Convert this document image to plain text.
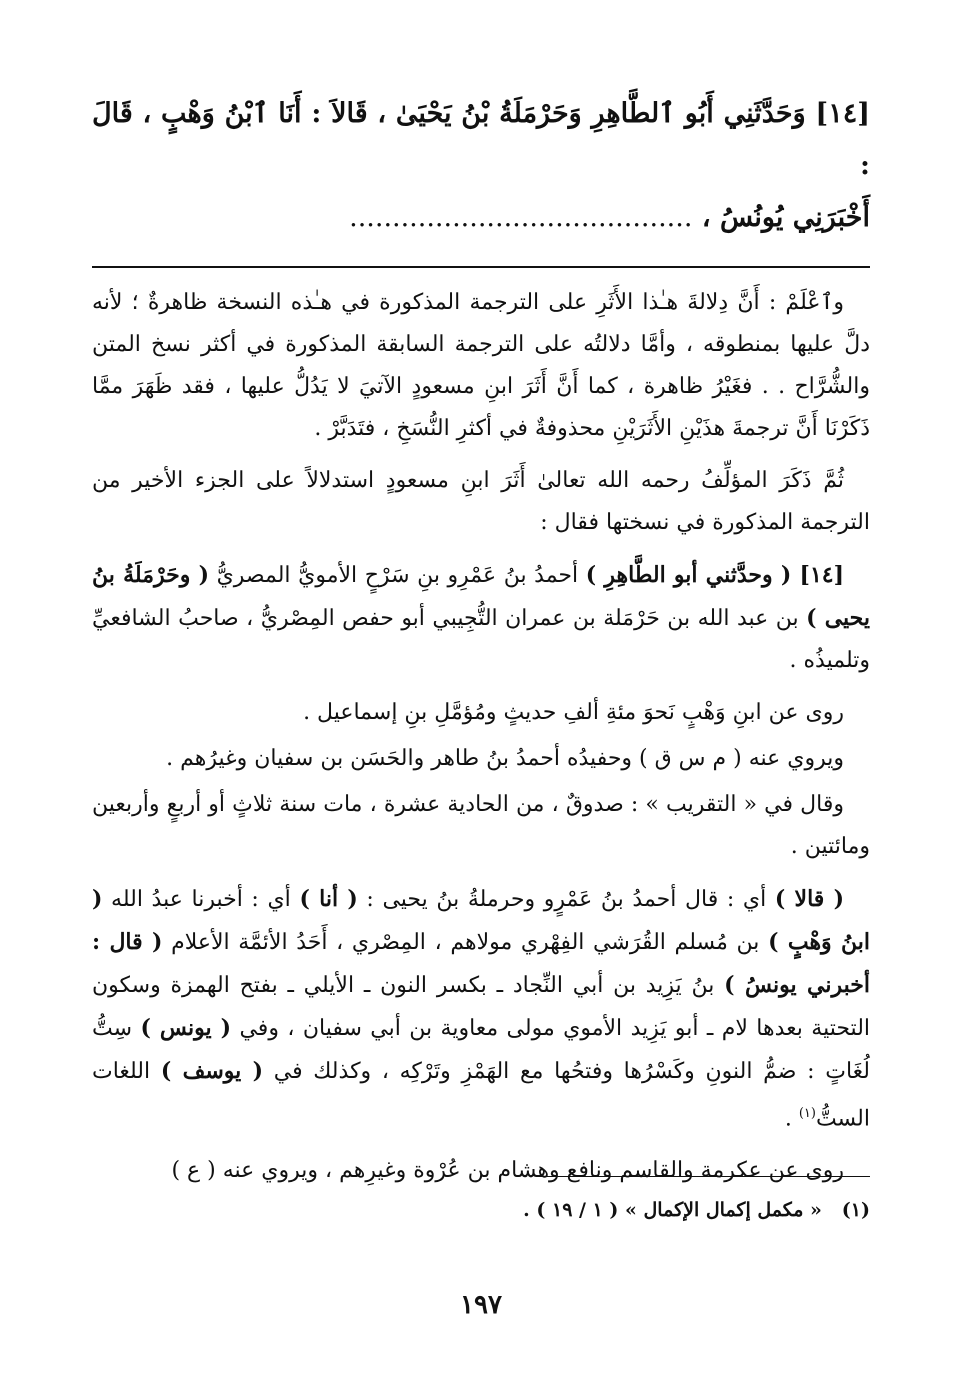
[١٤] وَحَدَّثَنِي أَبُو ٱلطَّاهِرِ وَحَرْمَلَةُ بْنُ يَحْيَىٰ ، قَالاَ : أَنَا ٱبْنُ وَهْبٍ ، قَالَ :
أَخْبَرَنِي يُونُسُ ، ........................................

وٱعْلَمْ : أَنَّ دِلالةَ هـٰذا الأَثَرِ على الترجمة المذكورة في هـٰذه النسخة ظاهرةٌ ؛ لأنه دلَّ عليها بمنطوقه ، وأمَّا دلالتُه على الترجمة السابقة المذكورة في أكثر نسخ المتن والشُّرَّاح . . فغَيْرُ ظاهرة ، كما أَنَّ أَثَرَ ابنِ مسعودٍ الآتيَ لا يَدُلُّ عليها ، فقد ظَهَرَ ممَّا ذَكَرْنَا أَنَّ ترجمةَ هذَيْنِ الأَثَرَيْنِ محذوفةٌ في أكثرِ النُّسَخِ ، فتَدَبَّرْ .

ثُمَّ ذَكَرَ المؤلِّفُ رحمه الله تعالىٰ أَثَرَ ابنِ مسعودٍ استدلالاً على الجزء الأخير من الترجمة المذكورة في نسختها فقال :

[١٤] ( وحدَّثني أبو الطَّاهِرِ ) أحمدُ بنُ عَمْرِو بنِ سَرْحٍ الأمويُّ المصريُّ ( وحَرْمَلَةُ بنُ يحيى ) بن عبد الله بن حَرْمَلة بن عمران التُّجِيبي أبو حفص المِصْريُّ ، صاحبُ الشافعيِّ وتلميذُه .

روى عن ابنِ وَهْبٍ نَحوَ مئةِ ألفِ حديثٍ ومُؤمَّلِ بنِ إسماعيل .

ويروي عنه ( م س ق ) وحفيدُه أحمدُ بنُ طاهر والحَسَن بن سفيان وغيرُهم .

وقال في « التقريب » : صدوقٌ ، من الحادية عشرة ، مات سنة ثلاثٍ أو أربعٍ وأربعين ومائتين .

( قالا ) أي : قال أحمدُ بنُ عَمْرٍو وحرملةُ بنُ يحيى : ( أنا ) أي : أخبرنا عبدُ الله ( ابنُ وَهْبٍ ) بن مُسلم القُرَشي الفِهْري مولاهم ، المِصْري ، أَحَدُ الأئمَّة الأعلام ( قال : أخبرني يونسُ ) بنُ يَزِيد بن أبي النِّجاد ـ بكسر النون ـ الأيلي ـ بفتح الهمزة وسكون التحتية بعدها لام ـ أبو يَزِيد الأموي مولى معاوية بن أبي سفيان ، وفي ( يونس ) سِتُّ لُغَاتٍ : ضمُّ النونِ وكَسْرُها وفتحُها مع الهَمْزِ وتَرْكِه ، وكذلك في ( يوسف ) اللغات الستُّ$^{(١)}$ .

روى عن عكرمة والقاسم ونافع وهشام بن عُرْوة وغيرِهم ، ويروي عنه ( ع )

(١)   « مكمل إكمال الإكمال » ( ١ / ١٩ ) .
١٩٧
